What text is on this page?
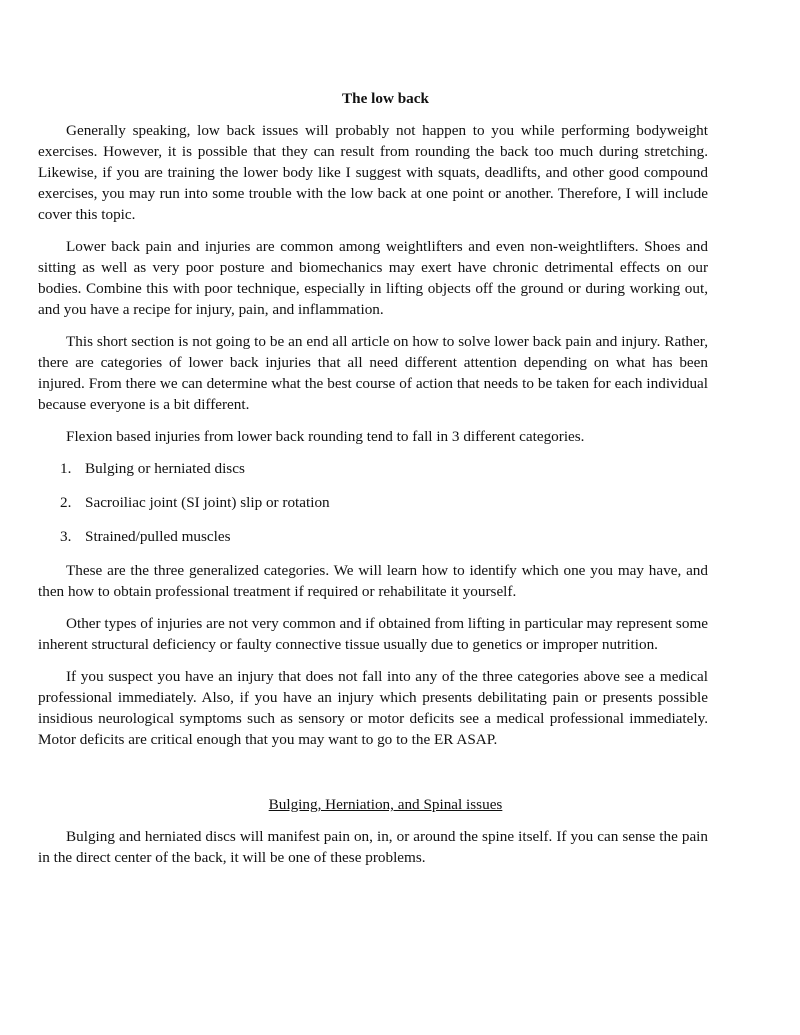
The low back

Generally speaking, low back issues will probably not happen to you while performing bodyweight exercises. However, it is possible that they can result from rounding the back too much during stretching. Likewise, if you are training the lower body like I suggest with squats, deadlifts, and other good compound exercises, you may run into some trouble with the low back at one point or another. Therefore, I will include cover this topic.

Lower back pain and injuries are common among weightlifters and even non-weightlifters. Shoes and sitting as well as very poor posture and biomechanics may exert have chronic detrimental effects on our bodies. Combine this with poor technique, especially in lifting objects off the ground or during working out, and you have a recipe for injury, pain, and inflammation.

This short section is not going to be an end all article on how to solve lower back pain and injury. Rather, there are categories of lower back injuries that all need different attention depending on what has been injured. From there we can determine what the best course of action that needs to be taken for each individual because everyone is a bit different.

Flexion based injuries from lower back rounding tend to fall in 3 different categories.

1. Bulging or herniated discs
2. Sacroiliac joint (SI joint) slip or rotation
3. Strained/pulled muscles

These are the three generalized categories. We will learn how to identify which one you may have, and then how to obtain professional treatment if required or rehabilitate it yourself.

Other types of injuries are not very common and if obtained from lifting in particular may represent some inherent structural deficiency or faulty connective tissue usually due to genetics or improper nutrition.

If you suspect you have an injury that does not fall into any of the three categories above see a medical professional immediately. Also, if you have an injury which presents debilitating pain or presents possible insidious neurological symptoms such as sensory or motor deficits see a medical professional immediately. Motor deficits are critical enough that you may want to go to the ER ASAP.

Bulging, Herniation, and Spinal issues

Bulging and herniated discs will manifest pain on, in, or around the spine itself. If you can sense the pain in the direct center of the back, it will be one of these problems.
